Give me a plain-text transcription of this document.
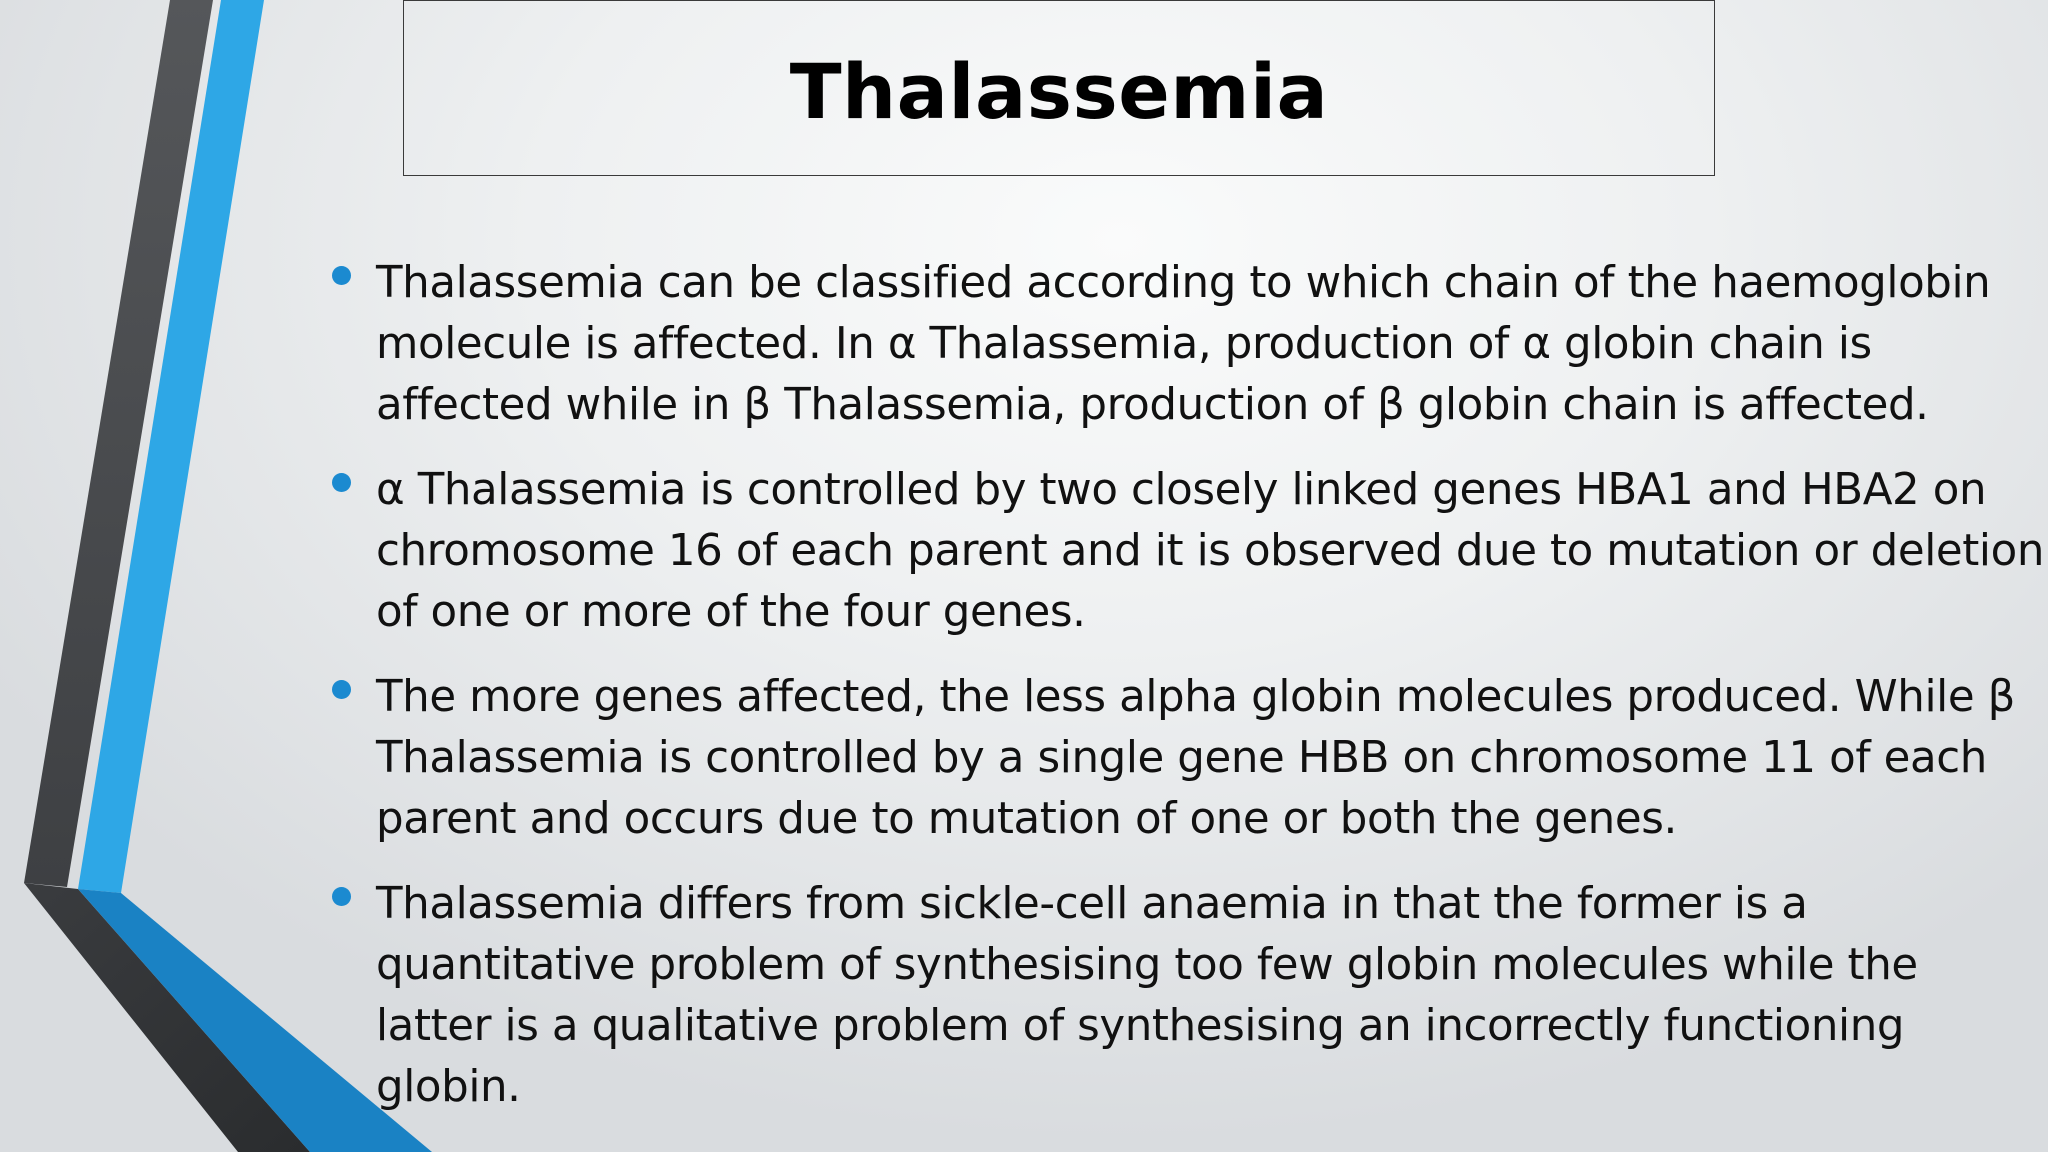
Thalassemia
Thalassemia can be classified according to which chain of the haemoglobin molecule is affected. In α Thalassemia, production of α globin chain is affected while in β Thalassemia, production of β globin chain is affected.
α Thalassemia is controlled by two closely linked genes HBA1 and HBA2 on chromosome 16 of each parent and it is observed due to mutation or deletion of one or more of the four genes.
The more genes affected, the less alpha globin molecules produced. While β Thalassemia is controlled by a single gene HBB on chromosome 11 of each parent and occurs due to mutation of one or both the genes.
Thalassemia differs from sickle-cell anaemia in that the former is a quantitative problem of synthesising too few globin molecules while the latter is a qualitative problem of synthesising an incorrectly functioning globin.
